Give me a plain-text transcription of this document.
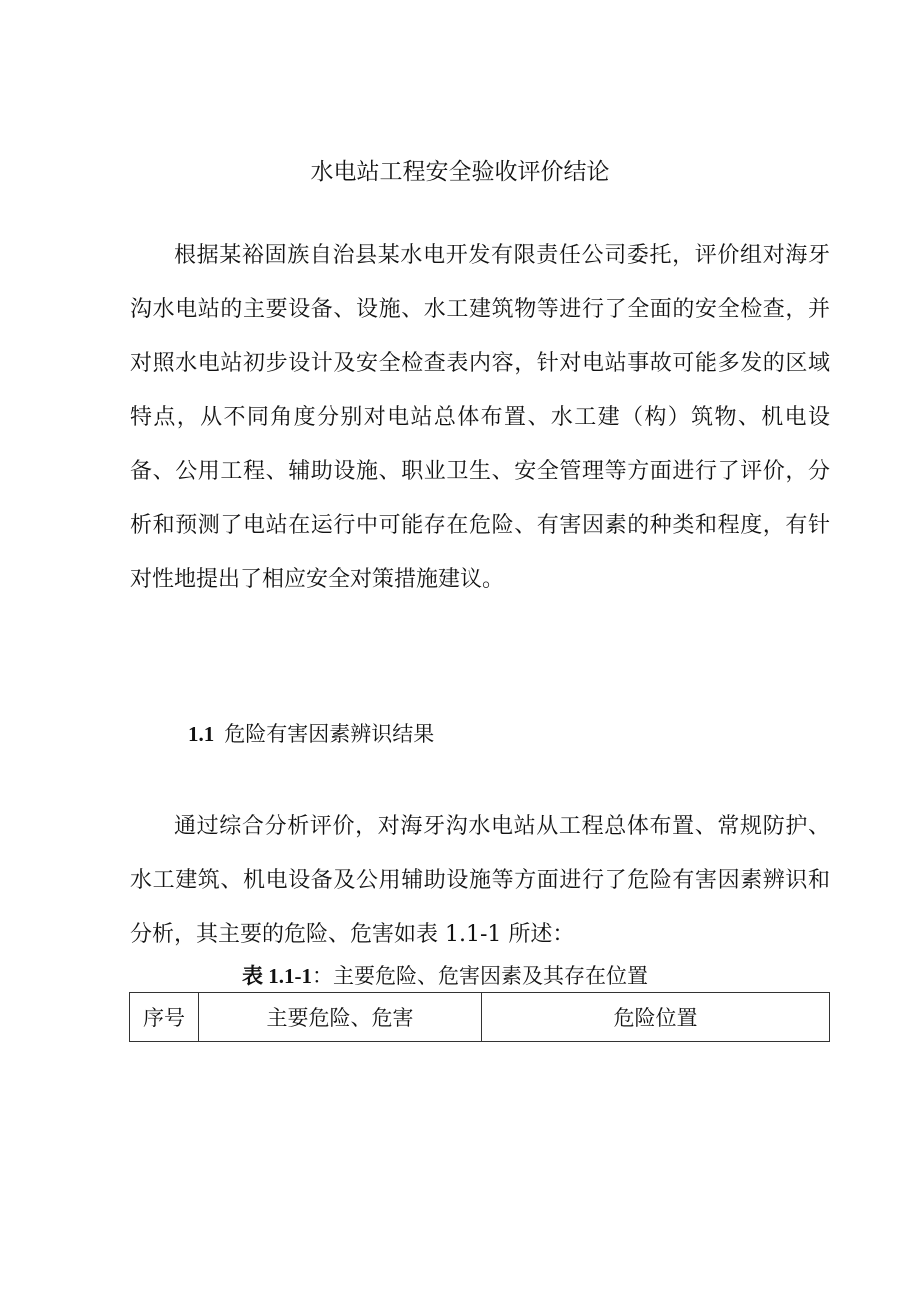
水电站工程安全验收评价结论

根据某裕固族自治县某水电开发有限责任公司委托，评价组对海牙沟水电站的主要设备、设施、水工建筑物等进行了全面的安全检查，并对照水电站初步设计及安全检查表内容，针对电站事故可能多发的区域特点，从不同角度分别对电站总体布置、水工建（构）筑物、机电设备、公用工程、辅助设施、职业卫生、安全管理等方面进行了评价，分析和预测了电站在运行中可能存在危险、有害因素的种类和程度，有针对性地提出了相应安全对策措施建议。

1.1 危险有害因素辨识结果

通过综合分析评价，对海牙沟水电站从工程总体布置、常规防护、水工建筑、机电设备及公用辅助设施等方面进行了危险有害因素辨识和分析，其主要的危险、危害如表 1.1-1 所述：

表 1.1-1：主要危险、危害因素及其存在位置

序号	主要危险、危害	危险位置
